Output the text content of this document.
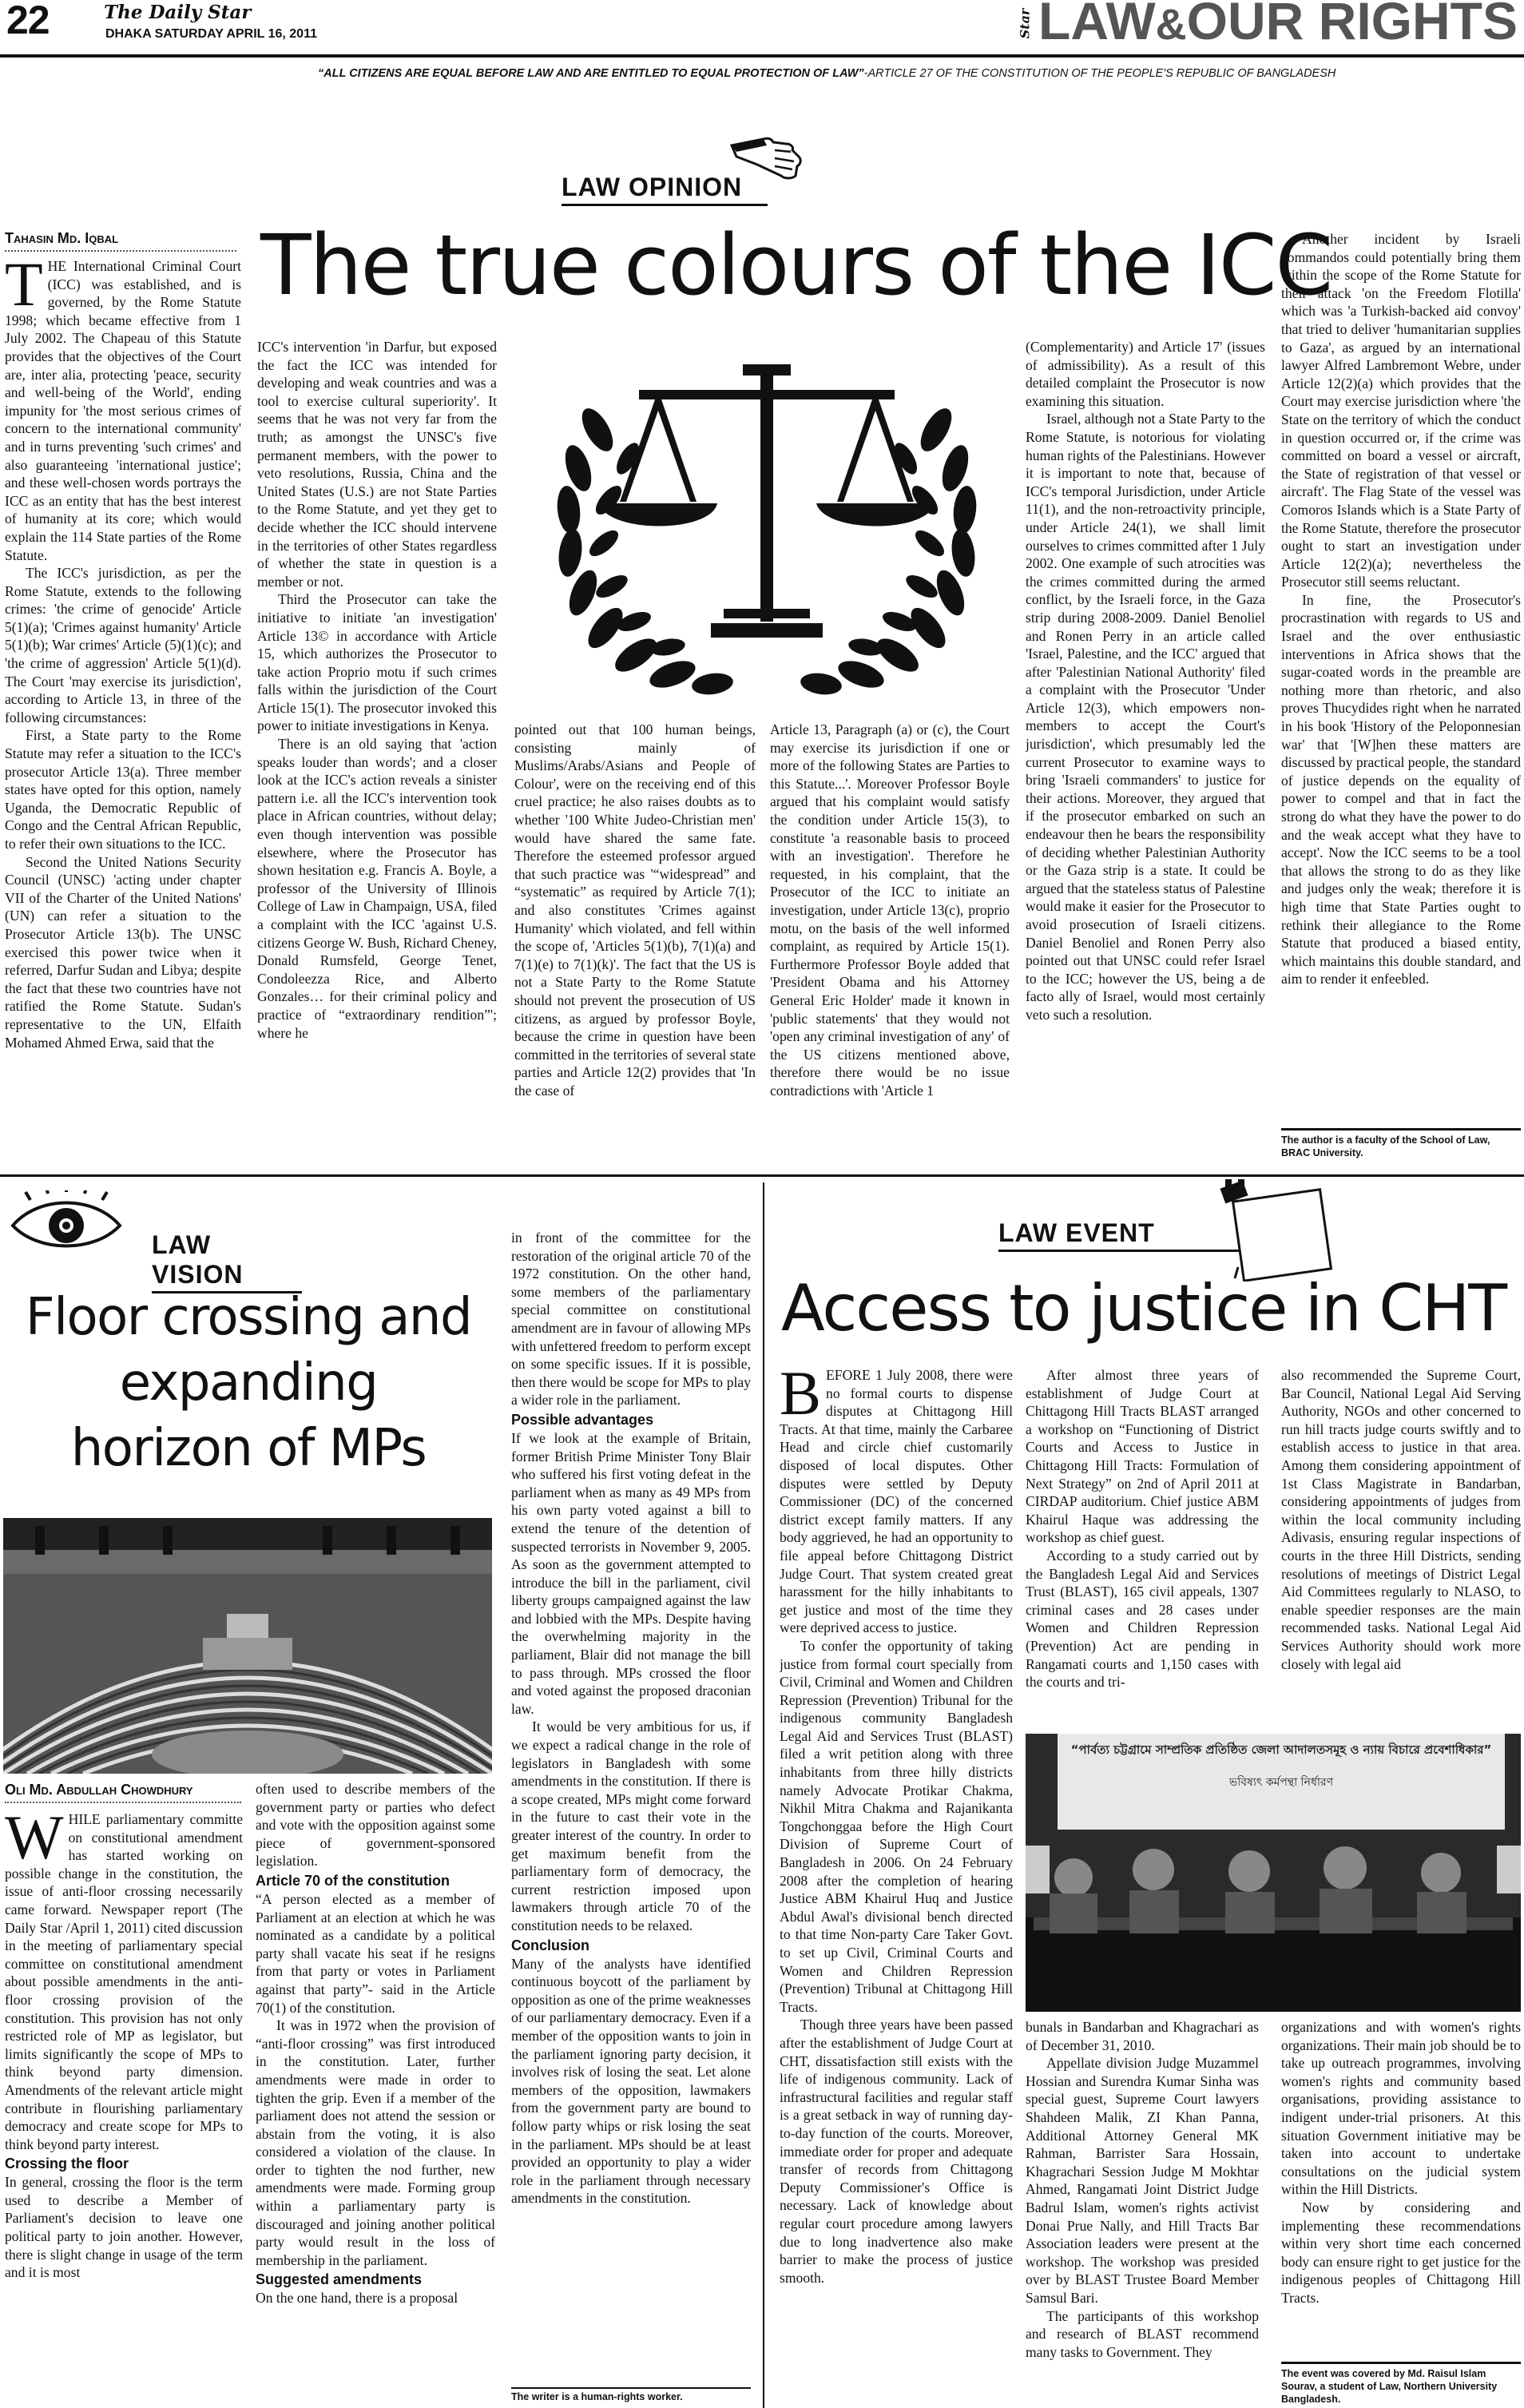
22	The Daily Star
DHAKA SATURDAY APRIL 16, 2011	Star LAW&OUR RIGHTS
“ALL CITIZENS ARE EQUAL BEFORE LAW AND ARE ENTITLED TO EQUAL PROTECTION OF LAW”-ARTICLE 27 OF THE CONSTITUTION OF THE PEOPLE'S REPUBLIC OF BANGLADESH
LAW OPINION
Tahasin Md. Iqbal	The true colours of the ICC
T HE International Criminal Court (ICC) was established, and is governed, by the Rome Statute 1998; which became effective from 1 July 2002. The Chapeau of this Statute provides that the objectives of the Court are, inter alia, protecting 'peace, security and well-being of the World', ending impunity for 'the most serious crimes of concern to the international community' and in turns preventing 'such crimes' and also guaranteeing 'international justice'; and these well-chosen words portrays the ICC as an entity that has the best interest of humanity at its core; which would explain the 114 State parties of the Rome Statute.

The ICC's jurisdiction, as per the Rome Statute, extends to the following crimes: 'the crime of genocide' Article 5(1)(a); 'Crimes against humanity' Article 5(1)(b); War crimes' Article (5)(1)(c); and 'the crime of aggression' Article 5(1)(d). The Court 'may exercise its jurisdiction', according to Article 13, in three of the following circumstances:

First, a State party to the Rome Statute may refer a situation to the ICC's prosecutor Article 13(a). Three member states have opted for this option, namely Uganda, the Democratic Republic of Congo and the Central African Republic, to refer their own situations to the ICC.

Second the United Nations Security Council (UNSC) 'acting under chapter VII of the Charter of the United Nations' (UN) can refer a situation to the Prosecutor Article 13(b). The UNSC exercised this power twice when it referred, Darfur Sudan and Libya; despite the fact that these two countries have not ratified the Rome Statute. Sudan's representative to the UN, Elfaith Mohamed Ahmed Erwa, said that the

ICC's intervention 'in Darfur, but exposed the fact the ICC was intended for developing and weak countries and was a tool to exercise cultural superiority'. It seems that he was not very far from the truth; as amongst the UNSC's five permanent members, with the power to veto resolutions, Russia, China and the United States (U.S.) are not State Parties to the Rome Statute, and yet they get to decide whether the ICC should intervene in the territories of other States regardless of whether the state in question is a member or not.

Third the Prosecutor can take the initiative to initiate 'an investigation' Article 13© in accordance with Article 15, which authorizes the Prosecutor to take action Proprio motu if such crimes falls within the jurisdiction of the Court Article 15(1). The prosecutor invoked this power to initiate investigations in Kenya.

There is an old saying that 'action speaks louder than words'; and a closer look at the ICC's action reveals a sinister pattern i.e. all the ICC's intervention took place in African countries, without delay; even though intervention was possible elsewhere, where the Prosecutor has shown hesitation e.g. Francis A. Boyle, a professor of the University of Illinois College of Law in Champaign, USA, filed a complaint with the ICC 'against U.S. citizens George W. Bush, Richard Cheney, Donald Rumsfeld, George Tenet, Condoleezza Rice, and Alberto Gonzales… for their criminal policy and practice of “extraordinary rendition”'; where he

pointed out that 100 human beings, consisting mainly of Muslims/Arabs/Asians and People of Colour', were on the receiving end of this cruel practice; he also raises doubts as to whether '100 White Judeo-Christian men' would have shared the same fate. Therefore the esteemed professor argued that such practice was '“widespread” and “systematic” as required by Article 7(1); and also constitutes 'Crimes against Humanity' which violated, and fell within the scope of, 'Articles 5(1)(b), 7(1)(a) and 7(1)(e) to 7(1)(k)'. The fact that the US is not a State Party to the Rome Statute should not prevent the prosecution of US citizens, as argued by professor Boyle, because the crime in question have been committed in the territories of several state parties and Article 12(2) provides that 'In the case of

Article 13, Paragraph (a) or (c), the Court may exercise its jurisdiction if one or more of the following States are Parties to this Statute...'. Moreover Professor Boyle argued that his complaint would satisfy the condition under Article 15(3), to constitute 'a reasonable basis to proceed with an investigation'. Therefore he requested, in his complaint, that the Prosecutor of the ICC to initiate an investigation, under Article 13(c), proprio motu, on the basis of the well informed complaint, as required by Article 15(1). Furthermore Professor Boyle added that 'President Obama and his Attorney General Eric Holder' made it known in 'public statements' that they would not 'open any criminal investigation of any' of the US citizens mentioned above, therefore there would be no issue contradictions with 'Article 1

(Complementarity) and Article 17' (issues of admissibility). As a result of this detailed complaint the Prosecutor is now examining this situation.

Israel, although not a State Party to the Rome Statute, is notorious for violating human rights of the Palestinians. However it is important to note that, because of ICC's temporal Jurisdiction, under Article 11(1), and the non-retroactivity principle, under Article 24(1), we shall limit ourselves to crimes committed after 1 July 2002. One example of such atrocities was the crimes committed during the armed conflict, by the Israeli force, in the Gaza strip during 2008-2009. Daniel Benoliel and Ronen Perry in an article called 'Israel, Palestine, and the ICC' argued that after 'Palestinian National Authority' filed a complaint with the Prosecutor 'Under Article 12(3), which empowers non-members to accept the Court's jurisdiction', which presumably led the current Prosecutor to examine ways to bring 'Israeli commanders' to justice for their actions. Moreover, they argued that if the prosecutor embarked on such an endeavour then he bears the responsibility of deciding whether Palestinian Authority or the Gaza strip is a state. It could be argued that the stateless status of Palestine would make it easier for the Prosecutor to avoid prosecution of Israeli citizens. Daniel Benoliel and Ronen Perry also pointed out that UNSC could refer Israel to the ICC; however the US, being a de facto ally of Israel, would most certainly veto such a resolution.

Another incident by Israeli commandos could potentially bring them within the scope of the Rome Statute for their attack 'on the Freedom Flotilla' which was 'a Turkish-backed aid convoy' that tried to deliver 'humanitarian supplies to Gaza', as argued by an international lawyer Alfred Lambremont Webre, under Article 12(2)(a) which provides that the Court may exercise jurisdiction where 'the State on the territory of which the conduct in question occurred or, if the crime was committed on board a vessel or aircraft, the State of registration of that vessel or aircraft'. The Flag State of the vessel was Comoros Islands which is a State Party of the Rome Statute, therefore the prosecutor ought to start an investigation under Article 12(2)(a); nevertheless the Prosecutor still seems reluctant.

In fine, the Prosecutor's procrastination with regards to US and Israel and the over enthusiastic interventions in Africa shows that the sugar-coated words in the preamble are nothing more than rhetoric, and also proves Thucydides right when he narrated in his book 'History of the Peloponnesian war' that '[W]hen these matters are discussed by practical people, the standard of justice depends on the equality of power to compel and that in fact the strong do what they have the power to do and the weak accept what they have to accept'. Now the ICC seems to be a tool that allows the strong to do as they like and judges only the weak; therefore it is high time that State Parties ought to rethink their allegiance to the Rome Statute that produced a biased entity, which maintains this double standard, and aim to render it enfeebled.

The author is a faculty of the School of Law, BRAC University.
LAW VISION
Floor crossing and
expanding
horizon of MPs
Oli Md. Abdullah Chowdhury
W HILE parliamentary committe on constitutional amendment has started working on possible change in the constitution, the issue of anti-floor crossing necessarily came forward. Newspaper report (The Daily Star /April 1, 2011) cited discussion in the meeting of parliamentary special committee on constitutional amendment about possible amendments in the anti-floor crossing provision of the constitution. This provision has not only restricted role of MP as legislator, but limits significantly the scope of MPs to think beyond party dimension. Amendments of the relevant article might contribute in flourishing parliamentary democracy and create scope for MPs to think beyond party interest.

Crossing the floor

In general, crossing the floor is the term used to describe a Member of Parliament's decision to leave one political party to join another. However, there is slight change in usage of the term and it is most

often used to describe members of the government party or parties who defect and vote with the opposition against some piece of government-sponsored legislation.

Article 70 of the constitution

“A person elected as a member of Parliament at an election at which he was nominated as a candidate by a political party shall vacate his seat if he resigns from that party or votes in Parliament against that party”- said in the Article 70(1) of the constitution.

It was in 1972 when the provision of “anti-floor crossing” was first introduced in the constitution. Later, further amendments were made in order to tighten the grip. Even if a member of the parliament does not attend the session or abstain from the voting, it is also considered a violation of the clause. In order to tighten the nod further, new amendments were made. Forming group within a parliamentary party is discouraged and joining another political party would result in the loss of membership in the parliament.

Suggested amendments

On the one hand, there is a proposal

in front of the committee for the restoration of the original article 70 of the 1972 constitution. On the other hand, some members of the parliamentary special committee on constitutional amendment are in favour of allowing MPs with unfettered freedom to perform except on some specific issues. If it is possible, then there would be scope for MPs to play a wider role in the parliament.

Possible advantages

If we look at the example of Britain, former British Prime Minister Tony Blair who suffered his first voting defeat in the parliament when as many as 49 MPs from his own party voted against a bill to extend the tenure of the detention of suspected terrorists in November 9, 2005. As soon as the government attempted to introduce the bill in the parliament, civil liberty groups campaigned against the law and lobbied with the MPs. Despite having the overwhelming majority in the parliament, Blair did not manage the bill to pass through. MPs crossed the floor and voted against the proposed draconian law.

It would be very ambitious for us, if we expect a radical change in the role of legislators in Bangladesh with some amendments in the constitution. If there is a scope created, MPs might come forward in the future to cast their vote in the greater interest of the country. In order to get maximum benefit from the parliamentary form of democracy, the current restriction imposed upon lawmakers through article 70 of the constitution needs to be relaxed.

Conclusion

Many of the analysts have identified continuous boycott of the parliament by opposition as one of the prime weaknesses of our parliamentary democracy. Even if a member of the opposition wants to join in the parliament ignoring party decision, it involves risk of losing the seat. Let alone members of the opposition, lawmakers from the government party are bound to follow party whips or risk losing the seat in the parliament. MPs should be at least provided an opportunity to play a wider role in the parliament through necessary amendments in the constitution.

The writer is a human-rights worker.
LAW EVENT
Access to justice in CHT
B EFORE 1 July 2008, there were no formal courts to dispense disputes at Chittagong Hill Tracts. At that time, mainly the Carbaree Head and circle chief customarily disposed of local disputes. Other disputes were settled by Deputy Commissioner (DC) of the concerned district except family matters. If any body aggrieved, he had an opportunity to file appeal before Chittagong District Judge Court. That system created great harassment for the hilly inhabitants to get justice and most of the time they were deprived access to justice.

To confer the opportunity of taking justice from formal court specially from Civil, Criminal and Women and Children Repression (Prevention) Tribunal for the indigenous community Bangladesh Legal Aid and Services Trust (BLAST) filed a writ petition along with three inhabitants from three hilly districts namely Advocate Protikar Chakma, Nikhil Mitra Chakma and Rajanikanta Tongchonggaa before the High Court Division of Supreme Court of Bangladesh in 2006. On 24 February 2008 after the completion of hearing Justice ABM Khairul Huq and Justice Abdul Awal's divisional bench directed to that time Non-party Care Taker Govt. to set up Civil, Criminal Courts and Women and Children Repression (Prevention) Tribunal at Chittagong Hill Tracts.

Though three years have been passed after the establishment of Judge Court at CHT, dissatisfaction still exists with the life of indigenous community. Lack of infrastructural facilities and regular staff is a great setback in way of running day-to-day function of the courts. Moreover, immediate order for proper and adequate transfer of records from Chittagong Deputy Commissioner's Office is necessary. Lack of knowledge about regular court procedure among lawyers due to long inadvertence also make barrier to make the process of justice smooth.

After almost three years of establishment of Judge Court at Chittagong Hill Tracts BLAST arranged a workshop on “Functioning of District Courts and Access to Justice in Chittagong Hill Tracts: Formulation of Next Strategy” on 2nd of April 2011 at CIRDAP auditorium. Chief justice ABM Khairul Haque was addressing the workshop as chief guest.

According to a study carried out by the Bangladesh Legal Aid and Services Trust (BLAST), 165 civil appeals, 1307 criminal cases and 28 cases under Women and Children Repression (Prevention) Act are pending in Rangamati courts and 1,150 cases with the courts and tri-

also recommended the Supreme Court, Bar Council, National Legal Aid Serving Authority, NGOs and other concerned to run hill tracts judge courts swiftly and to establish access to justice in that area. Among them considering appointment of 1st Class Magistrate in Bandarban, considering appointments of judges from within the local community including Adivasis, ensuring regular inspections of courts in the three Hill Districts, sending resolutions of meetings of District Legal Aid Committees regularly to NLASO, to enable speedier responses are the main recommended tasks. National Legal Aid Services Authority should work more closely with legal aid

“পার্বত্য চট্টগ্রামে সাম্প্রতিক প্রতিষ্ঠিত জেলা আদালতসমূহ ও ন্যায় বিচারে প্রবেশাধিকার”
ভবিষ্যৎ কর্মপন্থা নির্ধারণ

bunals in Bandarban and Khagrachari as of December 31, 2010.

Appellate division Judge Muzammel Hossian and Surendra Kumar Sinha was special guest, Supreme Court lawyers Shahdeen Malik, ZI Khan Panna, Additional Attorney General MK Rahman, Barrister Sara Hossain, Khagrachari Session Judge M Mokhtar Ahmed, Rangamati Joint District Judge Badrul Islam, women's rights activist Donai Prue Nally, and Hill Tracts Bar Association leaders were present at the workshop. The workshop was presided over by BLAST Trustee Board Member Samsul Bari.

The participants of this workshop and research of BLAST recommend many tasks to Government. They

organizations and with women's rights organizations. Their main job should be to take up outreach programmes, involving women's rights and community based organisations, providing assistance to indigent under-trial prisoners. At this situation Government initiative may be taken into account to undertake consultations on the judicial system within the Hill Districts.

Now by considering and implementing these recommendations within very short time each concerned body can ensure right to get justice for the indigenous peoples of Chittagong Hill Tracts.

The event was covered by Md. Raisul Islam Sourav, a student of Law, Northern University Bangladesh.
